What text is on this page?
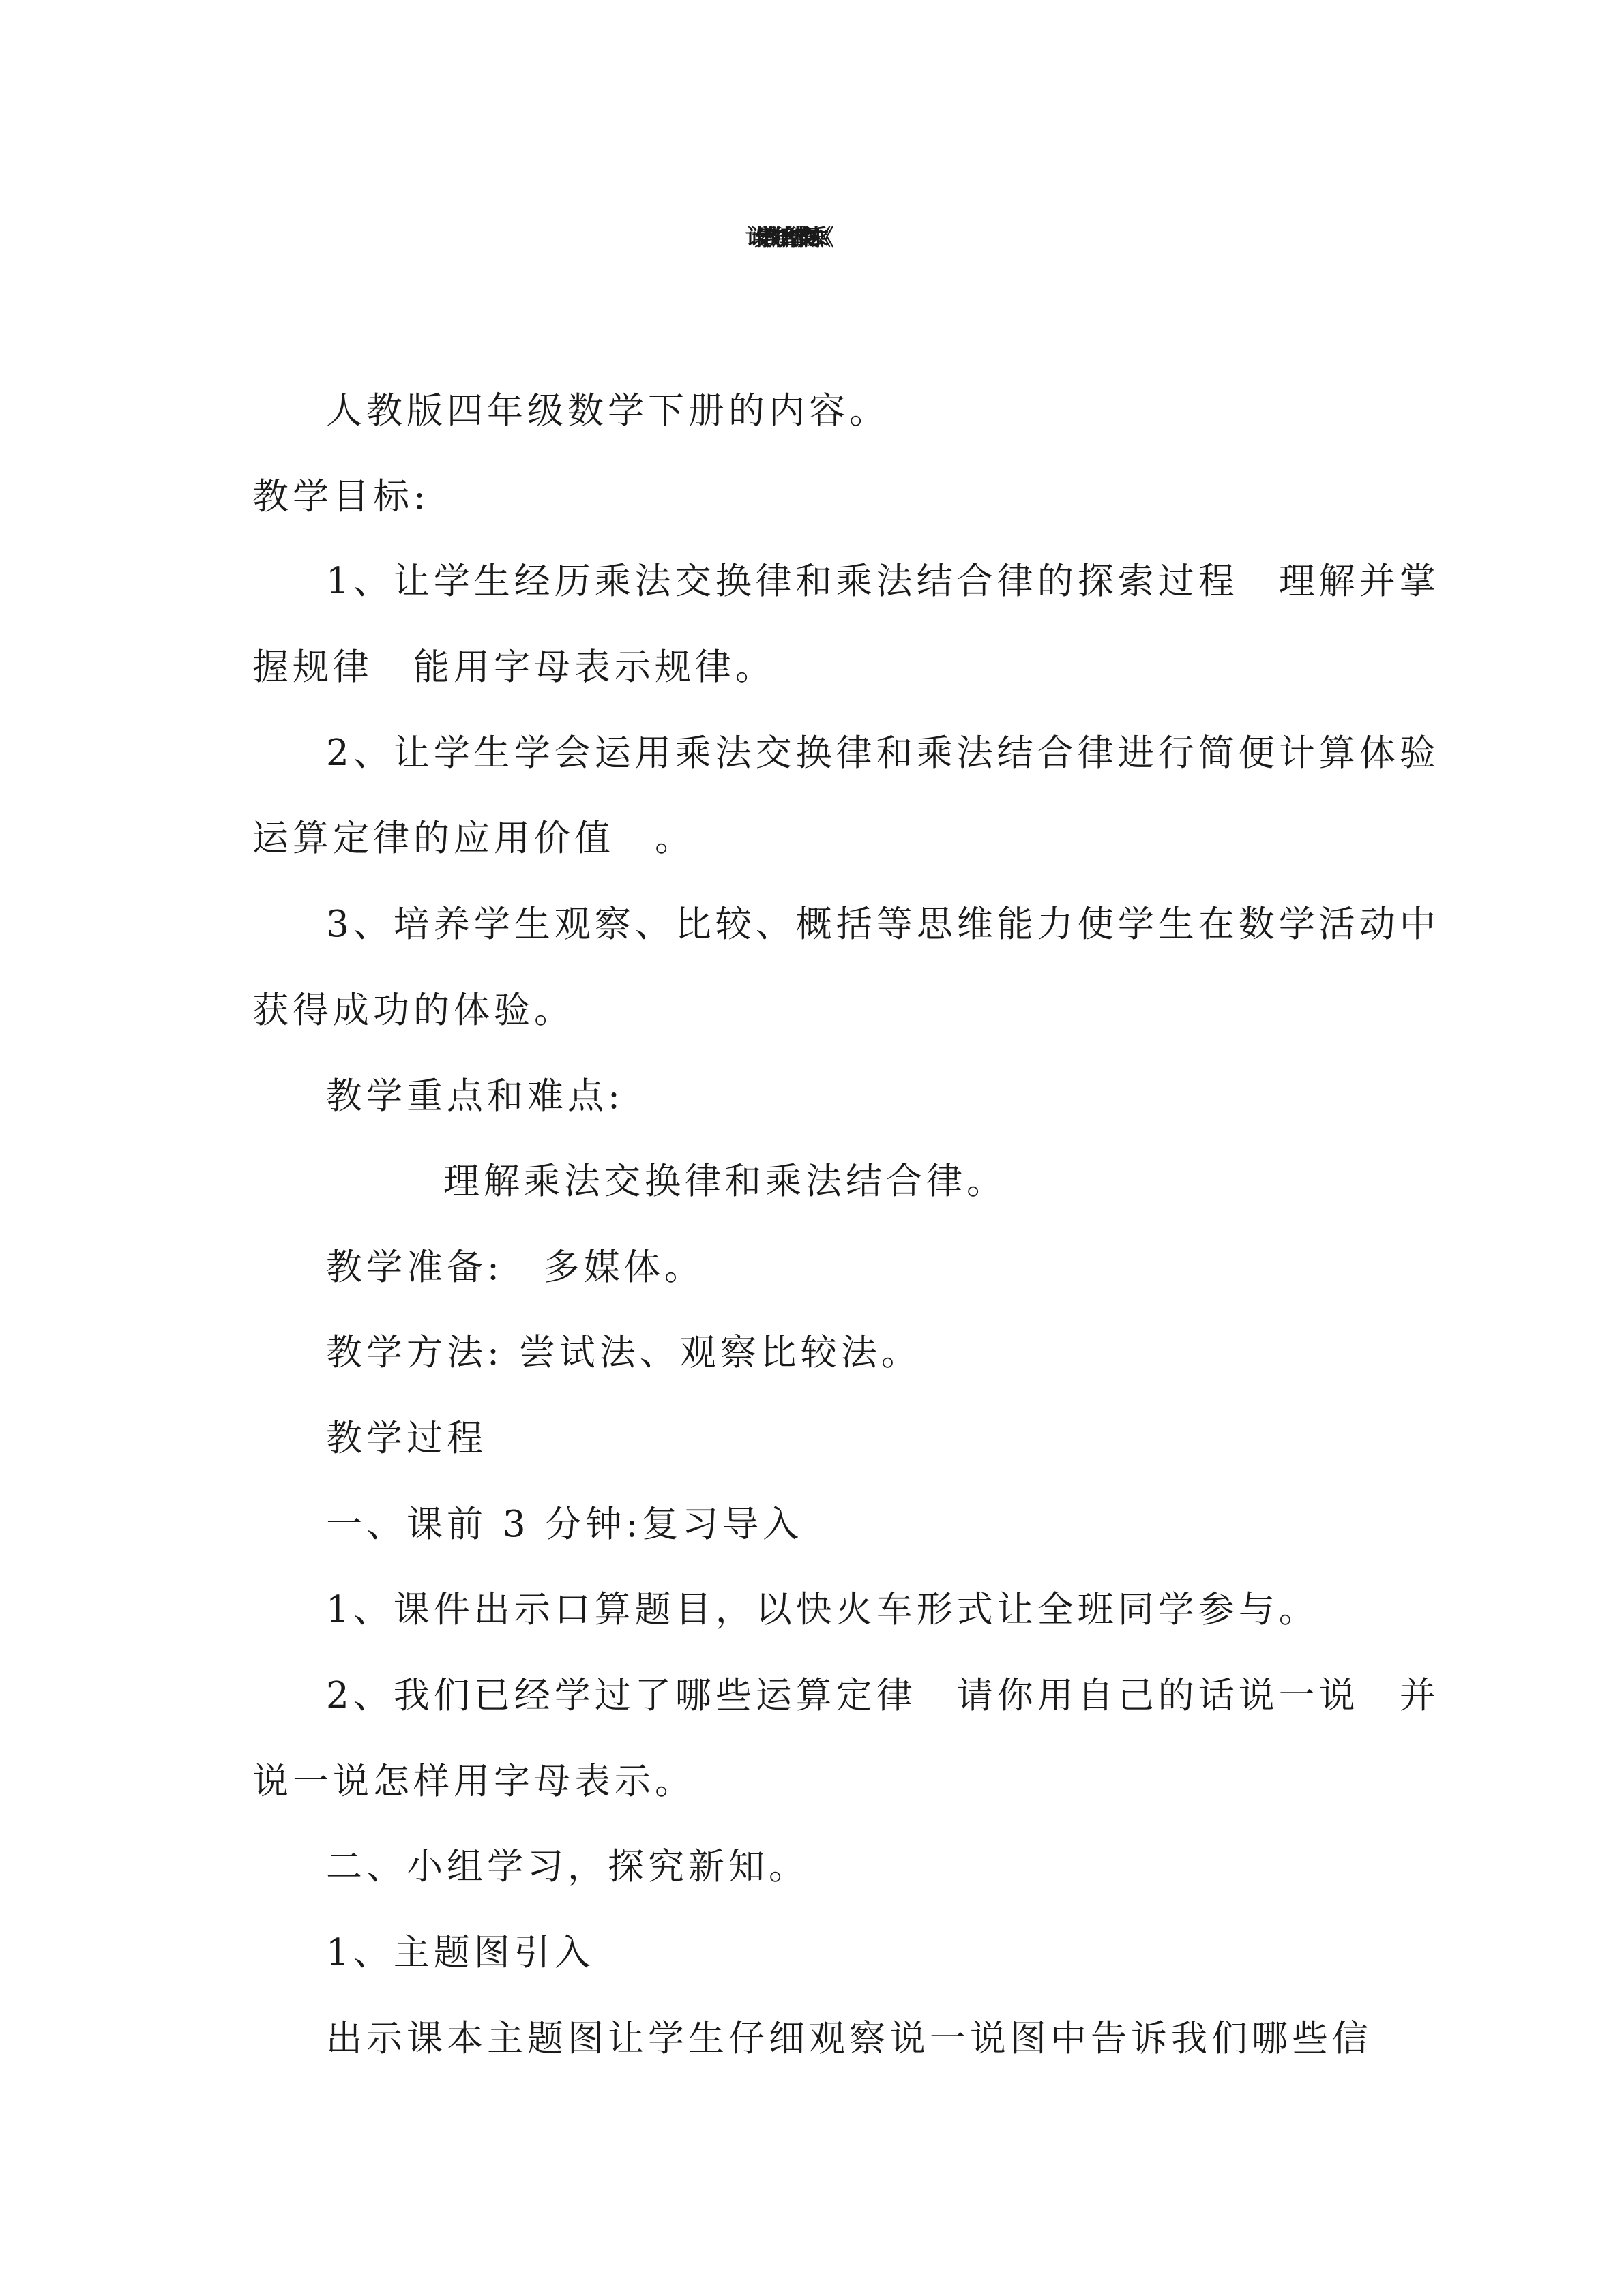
人教版四年级数学下册的内容。
教学目标:
1、让学生经历乘法交换律和乘法结合律的探索过程　理解并掌
握规律　能用字母表示规律。
2、让学生学会运用乘法交换律和乘法结合律进行简便计算体验
运算定律的应用价值　。
3、培养学生观察、比较、概括等思维能力使学生在数学活动中
获得成功的体验。
教学重点和难点:
理解乘法交换律和乘法结合律。
教学准备:　多媒体。
教学方法: 尝试法、观察比较法。
教学过程
一、课前 3 分钟:复习导入
1、课件出示口算题目，以快火车形式让全班同学参与。
2、我们已经学过了哪些运算定律　请你用自己的话说一说　并
说一说怎样用字母表示。
二、小组学习，探究新知。
1、主题图引入
出示课本主题图让学生仔细观察说一说图中告诉我们哪些信
